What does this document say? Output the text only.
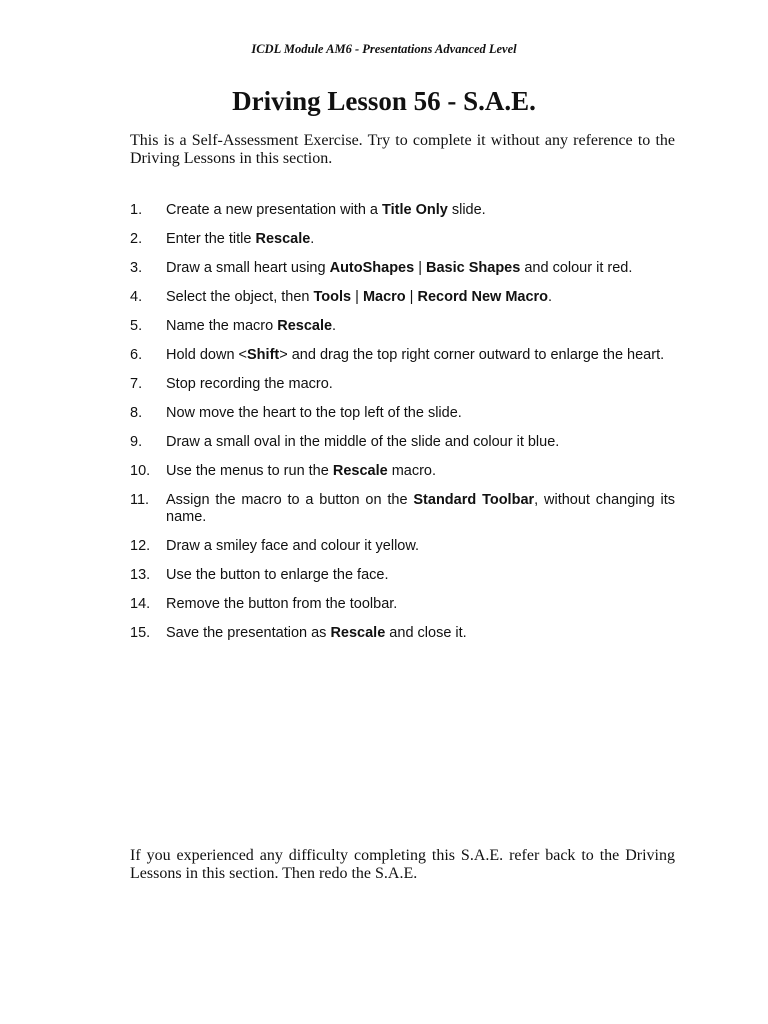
ICDL Module AM6 - Presentations Advanced Level
Driving Lesson 56 - S.A.E.

This is a Self-Assessment Exercise. Try to complete it without any reference to the Driving Lessons in this section.

1.	Create a new presentation with a Title Only slide.
2.	Enter the title Rescale.
3.	Draw a small heart using AutoShapes | Basic Shapes and colour it red.
4.	Select the object, then Tools | Macro | Record New Macro.
5.	Name the macro Rescale.
6.	Hold down <Shift> and drag the top right corner outward to enlarge the heart.
7.	Stop recording the macro.
8.	Now move the heart to the top left of the slide.
9.	Draw a small oval in the middle of the slide and colour it blue.
10.	Use the menus to run the Rescale macro.
11.	Assign the macro to a button on the Standard Toolbar, without changing its name.
12.	Draw a smiley face and colour it yellow.
13.	Use the button to enlarge the face.
14.	Remove the button from the toolbar.
15.	Save the presentation as Rescale and close it.

If you experienced any difficulty completing this S.A.E. refer back to the Driving Lessons in this section. Then redo the S.A.E.
